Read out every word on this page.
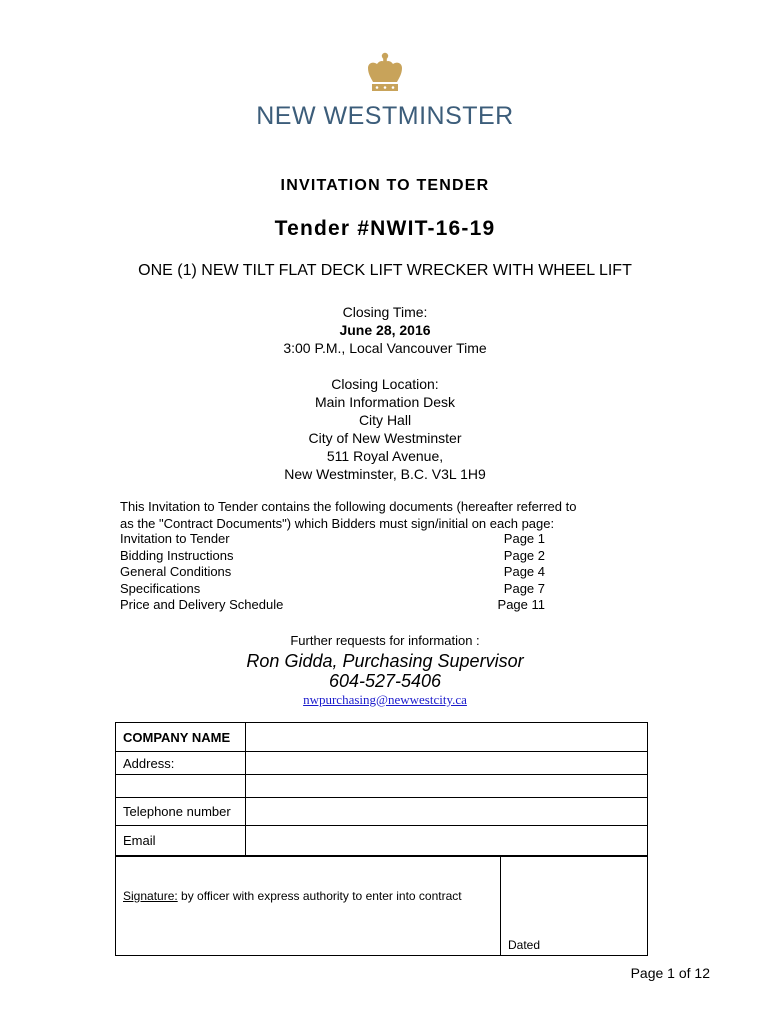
NEW WESTMINSTER
INVITATION TO TENDER
Tender #NWIT-16-19
ONE (1) NEW TILT FLAT DECK LIFT WRECKER WITH WHEEL LIFT
Closing Time:
June 28, 2016
3:00 P.M., Local Vancouver Time
Closing Location:
Main Information Desk
City Hall
City of New Westminster
511 Royal Avenue,
New Westminster, B.C. V3L 1H9
This Invitation to Tender contains the following documents (hereafter referred to
as the "Contract Documents") which Bidders must sign/initial on each page:
Invitation to Tender	Page 1
Bidding Instructions	Page 2
General Conditions	Page 4
Specifications	Page 7
Price and Delivery Schedule	Page 11
Further requests for information :
Ron Gidda, Purchasing Supervisor
604-527-5406
nwpurchasing@newwestcity.ca
COMPANY NAME	
Address:	

Telephone number	
Email	
Signature: by officer with express authority to enter into contract	Dated
Page 1 of 12
